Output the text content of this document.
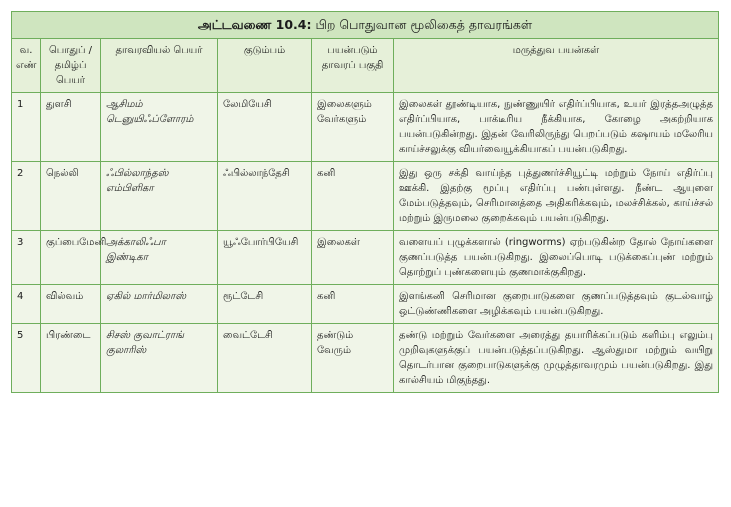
அட்டவணை 10.4: பிற பொதுவான மூலிகைத் தாவரங்கள்					
வ.
எண்	பொதுப் /
தமிழ்ப் பெயர்	தாவரவியல் பெயர்	குடும்பம்	பயன்படும்
தாவரப் பகுதி	மருத்துவ பயன்கள்
1	துளசி	ஆசிமம்
டெனுயிஃப்ளோரம்	லேமியேசி	இலைகளும்
வேர்களும்	இலைகள் தூண்டியாக, நுண்ணுயிர் எதிர்ப்பியாக, உயர் இரத்தஅழுத்த எதிர்ப்பியாக, பாக்டீரிய நீக்கியாக, கோழை அகற்றியாக பயன்படுகின்றது. இதன் வேரிலிருந்து பெறப்படும் கஷாயம் மலேரிய காய்ச்சலுக்கு வியர்வையூக்கியாகப் பயன்படுகிறது.
2	நெல்லி	ஃபில்லாந்தஸ்
எம்பிளிகா	ஃபில்லாந்தேசி	கனி	இது ஒரு சக்தி வாய்ந்த புத்துணர்ச்சியூட்டி மற்றும் நோய் எதிர்ப்பு ஊக்கி. இதற்கு மூப்பு எதிர்ப்பு பண்புள்ளது. நீண்ட ஆயுளை மேம்படுத்தவும், செரிமானத்தை அதிகரிக்கவும், மலச்சிக்கல், காய்ச்சல் மற்றும் இருமலை குறைக்கவும் பயன்படுகிறது.
3	குப்பைமேனி	அக்காலிஃபா
இண்டிகா	யூஃபோர்பியேசி	இலைகள்	வளையப் புழுக்களால் (ringworms) ஏற்படுகின்ற தோல் நோய்களை குணப்படுத்த பயன்படுகிறது. இலைப்பொடி படுக்கைப்புண் மற்றும் தொற்றுப் புண்களையும் குணமாக்குகிறது.
4	வில்வம்	ஏகில் மார்மிலாஸ்	ரூட்டேசி	கனி	இளங்கனி செரிமான குறைபாடுகளை குணப்படுத்தவும் குடல்வாழ் ஒட்டுண்ணிகளை அழிக்கவும் பயன்படுகிறது.
5	பிரண்டை	சிசஸ் குவாட்ராங்
குலாரிஸ்	வைட்டேசி	தண்டும்
வேரும்	தண்டு மற்றும் வேர்களை அரைத்து தயாரிக்கப்படும் களிம்பு எலும்பு முறிவுகளுக்குப் பயன்படுத்தப்படுகிறது. ஆஸ்துமா மற்றும் வயிறு தொடர்பான குறைபாடுகளுக்கு முழுத்தாவரமும் பயன்படுகிறது. இது கால்சியம் மிகுந்தது.
